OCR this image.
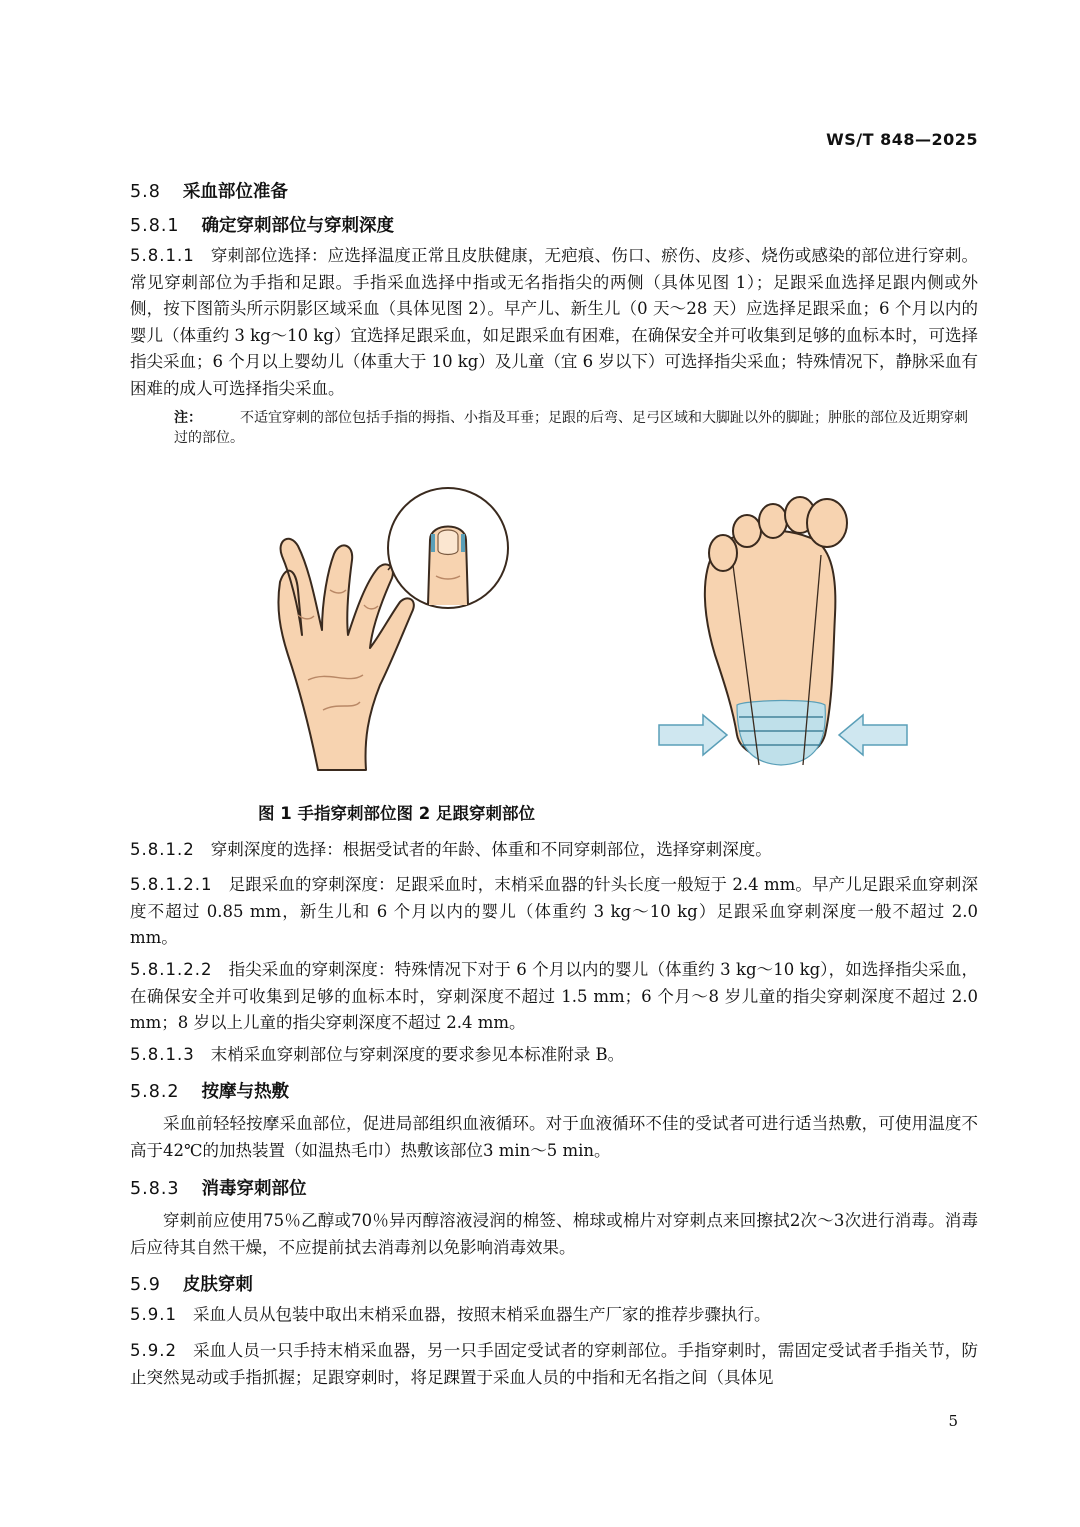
WS/T 848—2025
5.8 采血部位准备
5.8.1 确定穿刺部位与穿刺深度
5.8.1.1 穿刺部位选择：应选择温度正常且皮肤健康，无疤痕、伤口、瘀伤、皮疹、烧伤或感染的部位进行穿刺。常见穿刺部位为手指和足跟。手指采血选择中指或无名指指尖的两侧（具体见图 1）；足跟采血选择足跟内侧或外侧，按下图箭头所示阴影区域采血（具体见图 2）。早产儿、新生儿（0 天～28 天）应选择足跟采血；6 个月以内的婴儿（体重约 3 kg～10 kg）宜选择足跟采血，如足跟采血有困难，在确保安全并可收集到足够的血标本时，可选择指尖采血；6 个月以上婴幼儿（体重大于 10 kg）及儿童（宜 6 岁以下）可选择指尖采血；特殊情况下，静脉采血有困难的成人可选择指尖采血。
注：	不适宜穿刺的部位包括手指的拇指、小指及耳垂；足跟的后弯、足弓区域和大脚趾以外的脚趾；肿胀的部位及近期穿刺过的部位。
图 1 手指穿刺部位图 2 足跟穿刺部位
5.8.1.2 穿刺深度的选择：根据受试者的年龄、体重和不同穿刺部位，选择穿刺深度。
5.8.1.2.1 足跟采血的穿刺深度：足跟采血时，末梢采血器的针头长度一般短于 2.4 mm。早产儿足跟采血穿刺深度不超过 0.85 mm，新生儿和 6 个月以内的婴儿（体重约 3 kg～10 kg）足跟采血穿刺深度一般不超过 2.0 mm。
5.8.1.2.2 指尖采血的穿刺深度：特殊情况下对于 6 个月以内的婴儿（体重约 3 kg～10 kg），如选择指尖采血，在确保安全并可收集到足够的血标本时，穿刺深度不超过 1.5 mm；6 个月～8 岁儿童的指尖穿刺深度不超过 2.0 mm；8 岁以上儿童的指尖穿刺深度不超过 2.4 mm。
5.8.1.3 末梢采血穿刺部位与穿刺深度的要求参见本标准附录 B。
5.8.2 按摩与热敷
采血前轻轻按摩采血部位，促进局部组织血液循环。对于血液循环不佳的受试者可进行适当热敷，可使用温度不高于42℃的加热装置（如温热毛巾）热敷该部位3 min～5 min。
5.8.3 消毒穿刺部位
穿刺前应使用75％乙醇或70％异丙醇溶液浸润的棉签、棉球或棉片对穿刺点来回擦拭2次～3次进行消毒。消毒后应待其自然干燥，不应提前拭去消毒剂以免影响消毒效果。
5.9 皮肤穿刺
5.9.1 采血人员从包装中取出末梢采血器，按照末梢采血器生产厂家的推荐步骤执行。
5.9.2 采血人员一只手持末梢采血器，另一只手固定受试者的穿刺部位。手指穿刺时，需固定受试者手指关节，防止突然晃动或手指抓握；足跟穿刺时，将足踝置于采血人员的中指和无名指之间（具体见
5
